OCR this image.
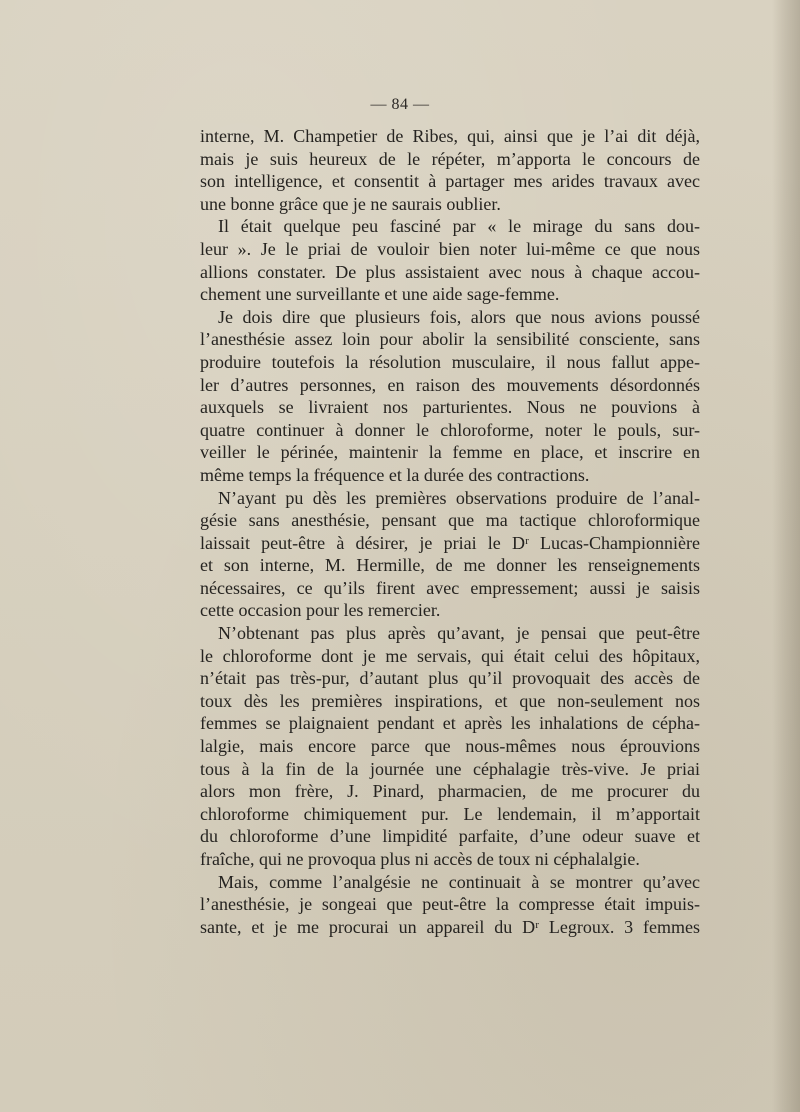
— 84 —
interne, M. Champetier de Ribes, qui, ainsi que je l’ai dit déjà,
mais je suis heureux de le répéter, m’apporta le concours de
son intelligence, et consentit à partager mes arides travaux avec
une bonne grâce que je ne saurais oublier.
Il était quelque peu fasciné par « le mirage du sans dou-
leur ». Je le priai de vouloir bien noter lui-même ce que nous
allions constater. De plus assistaient avec nous à chaque accou-
chement une surveillante et une aide sage-femme.
Je dois dire que plusieurs fois, alors que nous avions poussé
l’anesthésie assez loin pour abolir la sensibilité consciente, sans
produire toutefois la résolution musculaire, il nous fallut appe-
ler d’autres personnes, en raison des mouvements désordonnés
auxquels se livraient nos parturientes. Nous ne pouvions à
quatre continuer à donner le chloroforme, noter le pouls, sur-
veiller le périnée, maintenir la femme en place, et inscrire en
même temps la fréquence et la durée des contractions.
N’ayant pu dès les premières observations produire de l’anal-
gésie sans anesthésie, pensant que ma tactique chloroformique
laissait peut-être à désirer, je priai le Dʳ Lucas-Championnière
et son interne, M. Hermille, de me donner les renseignements
nécessaires, ce qu’ils firent avec empressement; aussi je saisis
cette occasion pour les remercier.
N’obtenant pas plus après qu’avant, je pensai que peut-être
le chloroforme dont je me servais, qui était celui des hôpitaux,
n’était pas très-pur, d’autant plus qu’il provoquait des accès de
toux dès les premières inspirations, et que non-seulement nos
femmes se plaignaient pendant et après les inhalations de cépha-
lalgie, mais encore parce que nous-mêmes nous éprouvions
tous à la fin de la journée une céphalagie très-vive. Je priai
alors mon frère, J. Pinard, pharmacien, de me procurer du
chloroforme chimiquement pur. Le lendemain, il m’apportait
du chloroforme d’une limpidité parfaite, d’une odeur suave et
fraîche, qui ne provoqua plus ni accès de toux ni céphalalgie.
Mais, comme l’analgésie ne continuait à se montrer qu’avec
l’anesthésie, je songeai que peut-être la compresse était impuis-
sante, et je me procurai un appareil du Dʳ Legroux. 3 femmes
